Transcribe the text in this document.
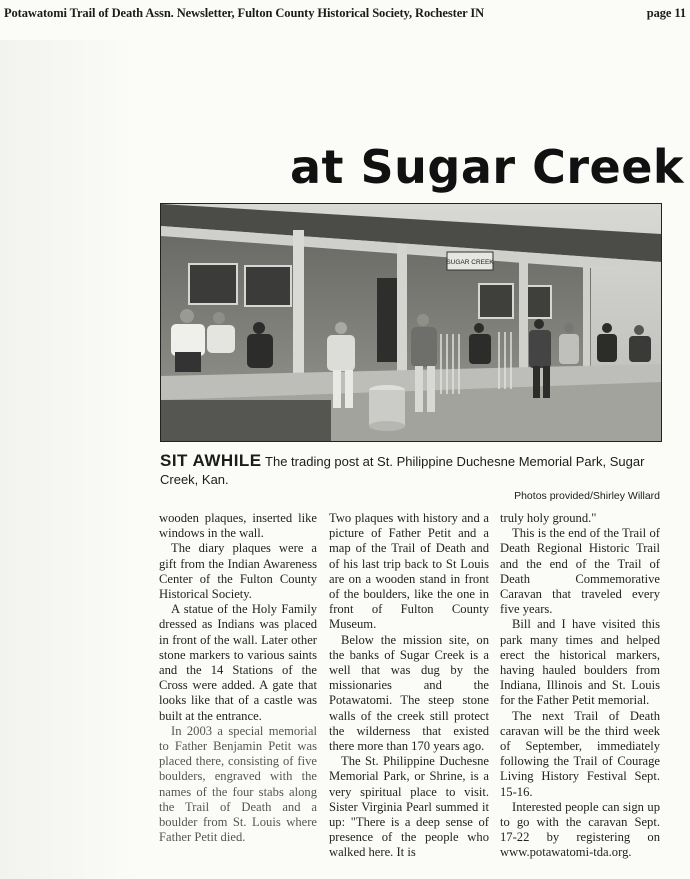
Potawatomi Trail of Death Assn. Newsletter, Fulton County Historical Society, Rochester IN	page 11
at Sugar Creek
SUGAR CREEK
SIT AWHILE The trading post at St. Philippine Duchesne Memorial Park, Sugar Creek, Kan.
Photos provided/Shirley Willard

wooden plaques, inserted like windows in the wall.

The diary plaques were a gift from the Indian Awareness Center of the Fulton County Historical Society.

A statue of the Holy Family dressed as Indians was placed in front of the wall. Later other stone markers to various saints and the 14 Stations of the Cross were added. A gate that looks like that of a castle was built at the entrance.

In 2003 a special memorial to Father Benjamin Petit was placed there, consisting of five boulders, engraved with the names of the four stabs along the Trail of Death and a boulder from St. Louis where Father Petit died.

Two plaques with history and a picture of Father Petit and a map of the Trail of Death and of his last trip back to St Louis are on a wooden stand in front of the boulders, like the one in front of Fulton County Museum.

Below the mission site, on the banks of Sugar Creek is a well that was dug by the missionaries and the Potawatomi. The steep stone walls of the creek still protect the wilderness that existed there more than 170 years ago.

The St. Philippine Duchesne Memorial Park, or Shrine, is a very spiritual place to visit. Sister Virginia Pearl summed it up: "There is a deep sense of presence of the people who walked here. It is

truly holy ground."

This is the end of the Trail of Death Regional Historic Trail and the end of the Trail of Death Commemorative Caravan that traveled every five years.

Bill and I have visited this park many times and helped erect the historical markers, having hauled boulders from Indiana, Illinois and St. Louis for the Father Petit memorial.

The next Trail of Death caravan will be the third week of September, immediately following the Trail of Courage Living History Festival Sept. 15-16.

Interested people can sign up to go with the caravan Sept. 17-22 by registering on www.potawatomi-tda.org.
